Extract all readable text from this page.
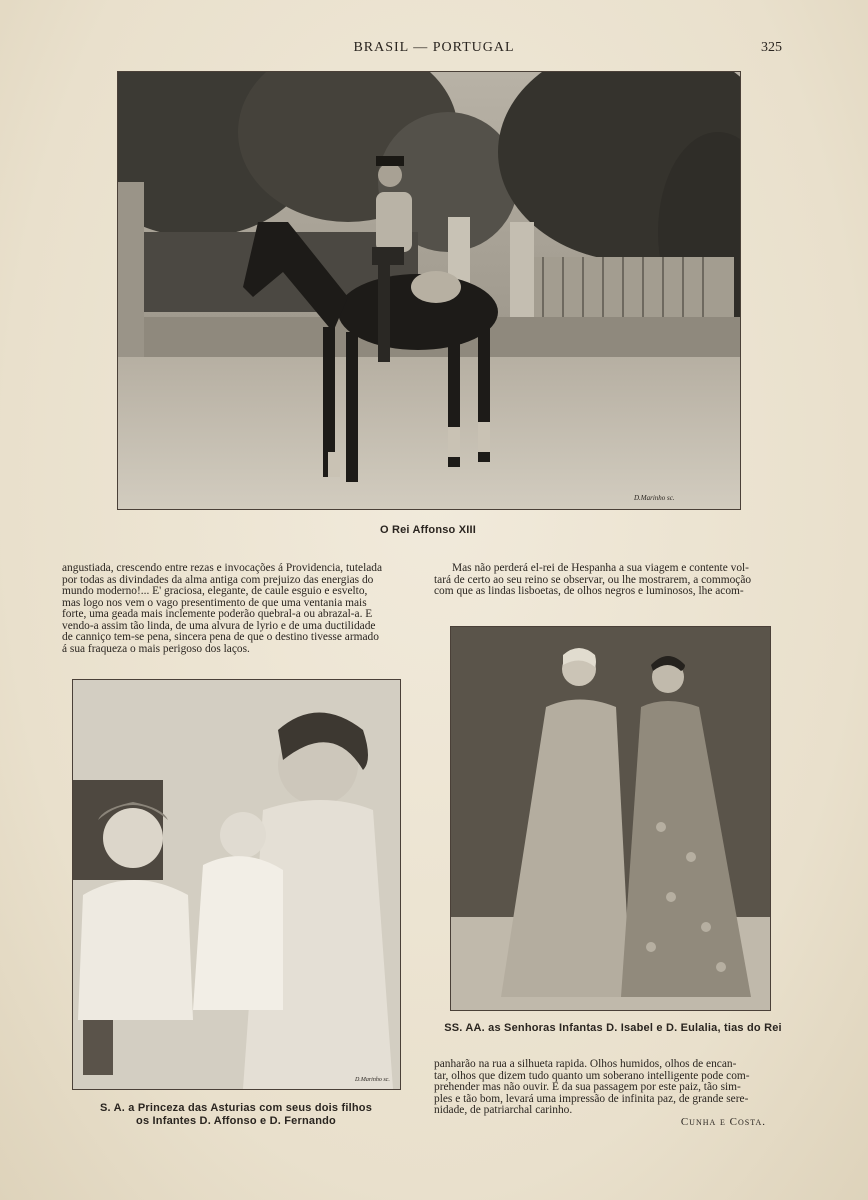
BRASIL — PORTUGAL	325
D.Marinho sc.
O Rei Affonso XIII
angustiada, crescendo entre rezas e invocações á Providencia, tutelada
por todas as divindades da alma antiga com prejuizo das energias do
mundo moderno!... E' graciosa, elegante, de caule esguio e esvelto,
mas logo nos vem o vago presentimento de que uma ventania mais
forte, uma geada mais inclemente poderão quebral-a ou abrazal-a. E
vendo-a assim tão linda, de uma alvura de lyrio e de uma ductilidade
de canniço tem-se pena, sincera pena de que o destino tivesse armado
á sua fraqueza o mais perigoso dos laços.
Mas não perderá el-rei de Hespanha a sua viagem e contente vol-
tará de certo ao seu reino se observar, ou lhe mostrarem, a commoção
com que as lindas lisboetas, de olhos negros e luminosos, lhe acom-
D.Marinho sc.
S. A. a Princeza das Asturias com seus dois filhos
os Infantes D. Affonso e D. Fernando
SS. AA. as Senhoras Infantas D. Isabel e D. Eulalia, tias do Rei
panharão na rua a silhueta rapida. Olhos humidos, olhos de encan-
tar, olhos que dizem tudo quanto um soberano intelligente pode com-
prehender mas não ouvir. E da sua passagem por este paiz, tão sim-
ples e tão bom, levará uma impressão de infinita paz, de grande sere-
nidade, de patriarchal carinho.
Cunha e Costa.
